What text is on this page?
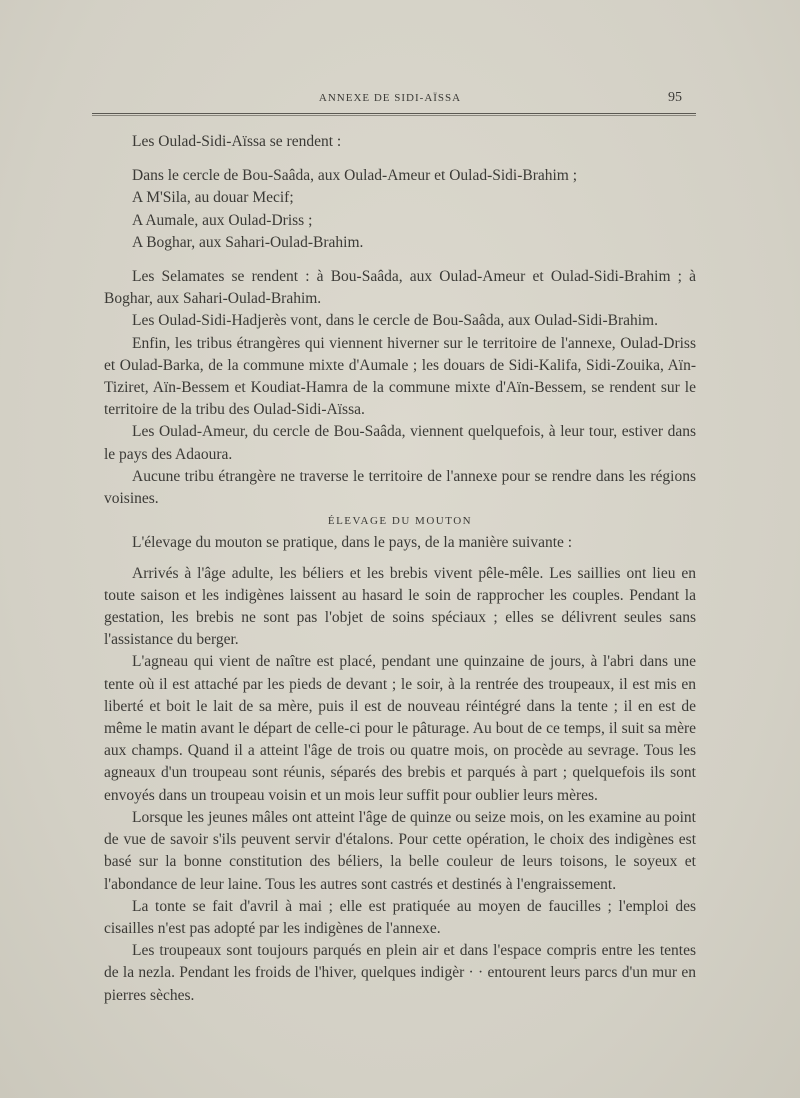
ANNEXE DE SIDI-AÏSSA	95

Les Oulad-Sidi-Aïssa se rendent :

Dans le cercle de Bou-Saâda, aux Oulad-Ameur et Oulad-Sidi-Brahim ;

A M'Sila, au douar Mecif;

A Aumale, aux Oulad-Driss ;

A Boghar, aux Sahari-Oulad-Brahim.

Les Selamates se rendent : à Bou-Saâda, aux Oulad-Ameur et Oulad-Sidi-Brahim ; à Boghar, aux Sahari-Oulad-Brahim.

Les Oulad-Sidi-Hadjerès vont, dans le cercle de Bou-Saâda, aux Oulad-Sidi-Brahim.

Enfin, les tribus étrangères qui viennent hiverner sur le territoire de l'annexe, Oulad-Driss et Oulad-Barka, de la commune mixte d'Aumale ; les douars de Sidi-Kalifa, Sidi-Zouika, Aïn-Tiziret, Aïn-Bessem et Koudiat-Hamra de la commune mixte d'Aïn-Bessem, se rendent sur le territoire de la tribu des Oulad-Sidi-Aïssa.

Les Oulad-Ameur, du cercle de Bou-Saâda, viennent quelquefois, à leur tour, estiver dans le pays des Adaoura.

Aucune tribu étrangère ne traverse le territoire de l'annexe pour se rendre dans les régions voisines.

ÉLEVAGE DU MOUTON

L'élevage du mouton se pratique, dans le pays, de la manière suivante :

Arrivés à l'âge adulte, les béliers et les brebis vivent pêle-mêle. Les saillies ont lieu en toute saison et les indigènes laissent au hasard le soin de rapprocher les couples. Pendant la gestation, les brebis ne sont pas l'objet de soins spéciaux ; elles se délivrent seules sans l'assistance du berger.

L'agneau qui vient de naître est placé, pendant une quinzaine de jours, à l'abri dans une tente où il est attaché par les pieds de devant ; le soir, à la rentrée des troupeaux, il est mis en liberté et boit le lait de sa mère, puis il est de nouveau réintégré dans la tente ; il en est de même le matin avant le départ de celle-ci pour le pâturage. Au bout de ce temps, il suit sa mère aux champs. Quand il a atteint l'âge de trois ou quatre mois, on procède au sevrage. Tous les agneaux d'un troupeau sont réunis, séparés des brebis et parqués à part ; quelquefois ils sont envoyés dans un troupeau voisin et un mois leur suffit pour oublier leurs mères.

Lorsque les jeunes mâles ont atteint l'âge de quinze ou seize mois, on les examine au point de vue de savoir s'ils peuvent servir d'étalons. Pour cette opération, le choix des indigènes est basé sur la bonne constitution des béliers, la belle couleur de leurs toisons, le soyeux et l'abondance de leur laine. Tous les autres sont castrés et destinés à l'engraissement.

La tonte se fait d'avril à mai ; elle est pratiquée au moyen de faucilles ; l'emploi des cisailles n'est pas adopté par les indigènes de l'annexe.

Les troupeaux sont toujours parqués en plein air et dans l'espace compris entre les tentes de la nezla. Pendant les froids de l'hiver, quelques indigèr · · entourent leurs parcs d'un mur en pierres sèches.
